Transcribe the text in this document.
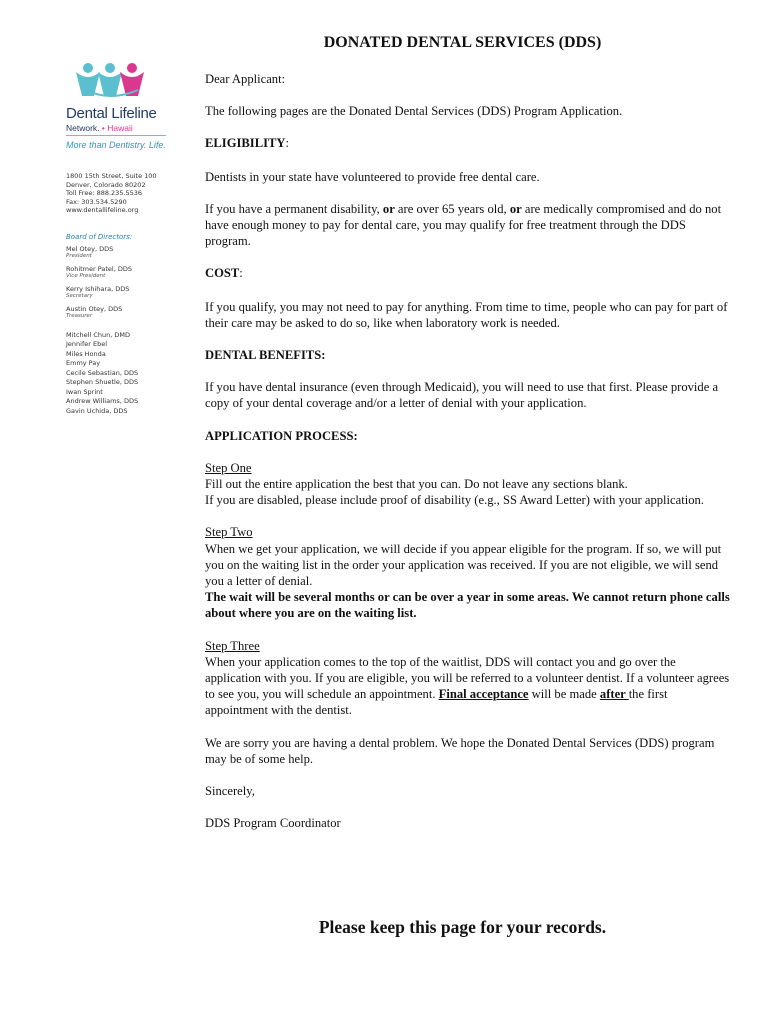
DONATED DENTAL SERVICES (DDS)
Dental Lifeline
Network. • Hawaii
More than Dentistry. Life.
1800 15th Street, Suite 100
Denver, Colorado 80202
Toll Free: 888.235.5536
Fax: 303.534.5290
www.dentallifeline.org
Board of Directors:
Mel Otey, DDS
President
Rohitmer Patel, DDS
Vice President
Kerry Ishihara, DDS
Secretary
Austin Otey, DDS
Treasurer
Mitchell Chun, DMD
Jennifer Ebel
Miles Honda
Emmy Pay
Cecile Sebastian, DDS
Stephen Shuetle, DDS
Iwan Sprint
Andrew Williams, DDS
Gavin Uchida, DDS

Dear Applicant:

The following pages are the Donated Dental Services (DDS) Program Application.

ELIGIBILITY:

Dentists in your state have volunteered to provide free dental care.

If you have a permanent disability, or are over 65 years old, or are medically compromised and do not have enough money to pay for dental care, you may qualify for free treatment through the DDS program.

COST:

If you qualify, you may not need to pay for anything. From time to time, people who can pay for part of their care may be asked to do so, like when laboratory work is needed.

DENTAL BENEFITS:

If you have dental insurance (even through Medicaid), you will need to use that first. Please provide a copy of your dental coverage and/or a letter of denial with your application.

APPLICATION PROCESS:

Step One

Fill out the entire application the best that you can. Do not leave any sections blank.

If you are disabled, please include proof of disability (e.g., SS Award Letter) with your application.

Step Two

When we get your application, we will decide if you appear eligible for the program. If so, we will put you on the waiting list in the order your application was received. If you are not eligible, we will send you a letter of denial.

The wait will be several months or can be over a year in some areas. We cannot return phone calls about where you are on the waiting list.

Step Three

When your application comes to the top of the waitlist, DDS will contact you and go over the application with you. If you are eligible, you will be referred to a volunteer dentist. If a volunteer agrees to see you, you will schedule an appointment. Final acceptance will be made after the first appointment with the dentist.

We are sorry you are having a dental problem. We hope the Donated Dental Services (DDS) program may be of some help.

Sincerely,

DDS Program Coordinator

Please keep this page for your records.
